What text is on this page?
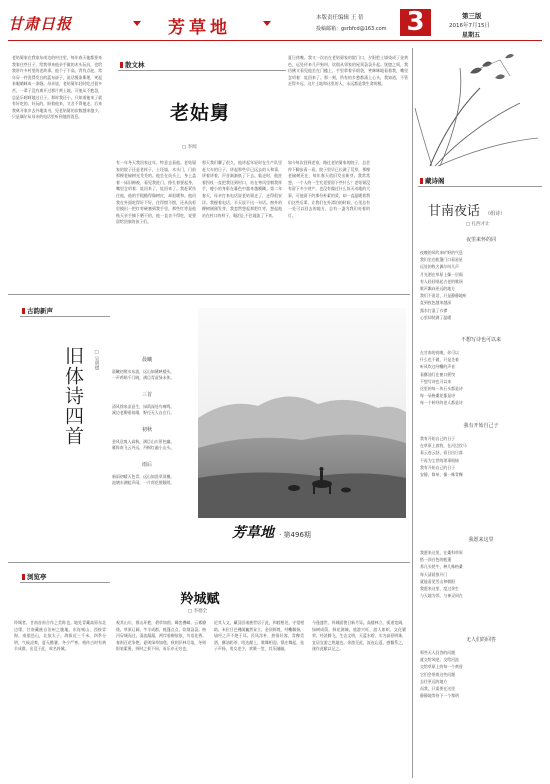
甘肃日报	芳草地	本版责任编辑 王 蓓
投稿邮箱：gsrbfcd@163.com 3	第三版
2016年7月15日
星期五
散文林
老姑舅
□ 李闻
老姑舅家在我家东南边的村庄里，每年春天他都要来我家住些日子，给我带来他亲手做的木头玩具，也给我讲许多村里的老故事。他个子不高，背有点驼，常年穿一件洗得发白的蓝布褂子，说话慢条斯理，笑起来眼睛眯成一条缝。母亲说，老姑舅年轻时吃过很多苦，一辈子没有离开过那片黄土地，可他从不抱怨，总是乐呵呵地过日子。那时我还小，只知道他来了就有好吃的、好玩的，盼着他来，又舍不得他走。后来我离开家乡去外地读书，见老姑舅的次数越来越少，只是偶尔从母亲的电话里听到他的消息。
有一年冬天我回家过年，特意去看他。老姑舅家的院子还是老样子，土坯墙，木头门，门前那棵老榆树光秃秃的。他坐在炕头上，身上盖着一床旧棉被，看见我进门，挣扎着要起身，嘴里念叨着：娃回来了，娃回来了。我赶紧扶住他，他的手粗糙得像树皮，却很暖和。他问我在外面吃得好不好，住得惯不惯，还从炕柜里摸出一把红枣硬塞到我手里。那些红枣是他秋天亲手摘下晒干的，他一直舍不得吃，说要留给回家的孩子们。
那天我们聊了很久，他讲起年轻时在生产队里赶大车的日子，讲起那些早已远去的人和事，讲着讲着，声音渐渐低了下去。临走时，他拄着拐杖一直把我送到村口，站在寒风里朝我挥手，瘦小的身影在暮色中越来越模糊。第二年春天，母亲打来电话说老姑舅走了，走得很安详。我握着电话，半天说不出一句话。窗外的柳树刚刚发芽，我忽然想起那把红枣，想起他站在村口的样子，眼泪止不住地流了下来。
如今每次回到老家，路过老姑舅家的院子，总会停下脚步看一看。院子里早已长满了荒草，那棵老榆树还在，每年春天依旧发出新芽。我常常想，一个人的一生究竟要留下些什么？老姑舅没有留下多少财产，也没有做过什么惊天动地的大事，可他留下的那份朴素的爱，却一直温暖着我们这些后辈，让我们在外漂泊的时候，心里总有一处可以回去的地方，总有一盏为我们亮着的灯。
夏日傍晚，我又一次站在老姑舅家的院门口，夕阳把土墙染成了金黄色，远处传来几声狗叫，炊烟从邻家的屋顶袅袅升起。恍惚之间，我仿佛又看见他坐在门槛上，手里拿着旱烟袋，笑眯眯地看着我，嘴里念叨着：娃回来了。那一刻，所有的乡愁都涌上心头，我知道，不管走得多远，这片土地和这里的人，永远都是我生命的根。
古韵新声
旧体诗四首 □ 吴明德	晨曦
晨曦初照水东流，远山如黛映楼头。
一声鸡唱千门晓，满目青苗绿未休。
三首
清风徐来凉意生，绿荫深处鸟啼鸣。
溪边老柳垂丝细，野径无人自在行。
初秋
金风送爽入高秋，满目山川景色幽。
雁阵南飞云外远，丹枫红遍小山头。
雨后
新雨初晴天色青，远山如洗翠屏横。
池塘水满蛙声闹，一片荷花照眼明。
芳草地 · 第496期
浏览亭
羚城赋
□ 李德全
羚城者，甘南首府合作之美称也。地处青藏高原东北边缘，甘南藏族自治州之腹地。东连岷山，西接青海，南望迭山，北依太子。海拔近三千米，四季分明，气候凉爽，夏无酷暑，冬少严寒。相传古时有黄羊成群，出没于此，故名羚城。
观其山川，群山环抱，碧草如茵，峰峦叠嶂，云雾缭绕。草原辽阔，牛羊成群，帐篷点点，炊烟袅袅。格河穿城而过，清流潺潺，两岸垂柳依依，鸟语花香。春则百花争艳，夏则绿草如毯，秋则层林尽染，冬则银装素裹，四时之景不同，而乐亦无穷也。
论其人文，藏汉回诸族世居于此，和睦相处，守望相助。米拉日巴佛阁巍然耸立，金顶辉煌，经幡飘扬，诵经之声不绝于耳。民风淳朴，热情好客，青稞美酒，酥油奶茶，哈达献上，歌舞相迎。锅庄舞起，弦子声扬，男女老少，欢聚一堂，其乐融融。
今逢盛世，羚城面貌日新月异。高楼林立，街道宽阔，绿树成荫，鲜花满城。旅游兴旺，游人如织，文化繁荣，经济腾飞。生态文明，天蓝水碧，实为高原明珠，宜居宜游之胜地也。余游至此，流连忘返，感慨系之，遂作此赋以记之。
藏诗阁
甘南夜话 （组诗）
□ 扎西才让
夜里来怀的同
夜晚的风吹来旷野的气息
我们坐在帐篷门口看星星
远处的牧犬偶尔叫几声
月光洒在草原上像一层霜
有人轻轻唱起古老的歌谣
歌声飘向更远的地方
我们不说话，只是静静地听
直到夜色越来越深
露水打湿了衣襟
心里却装满了温暖
不想写诗也可以来
在甘南的夜晚，你可以
什么也不做，只是坐着
听风吹过经幡的声音
看酥油灯在窗口摇曳
不想写诗也可以来
这里的每一块石头都是诗
每一朵格桑花都是诗
每一个转经的老人都是诗
我有开始自己子
我有开始自己的日子
在草原上放牧，在河边饮马
看云卷云舒，看日出日落
不再为尘世的琐事烦恼
我有开始自己的日子
安静，简单，像一株青稞
我愿来这里
我愿来这里，在桑科草原
搭一顶白色的帐篷
养几头牦牛，种几株格桑
每天清晨推开门
就能看见雪山和朝阳
我愿来这里，度过余生
与天地为邻，与神灵同在
无人们的回答
那些无人回答的问题
就交给风吧，交给河流
交给草原上的每一个黄昏
它们会带着这些问题
去往更远的地方
而我，只需要在这里
静静地等待下一个黎明
